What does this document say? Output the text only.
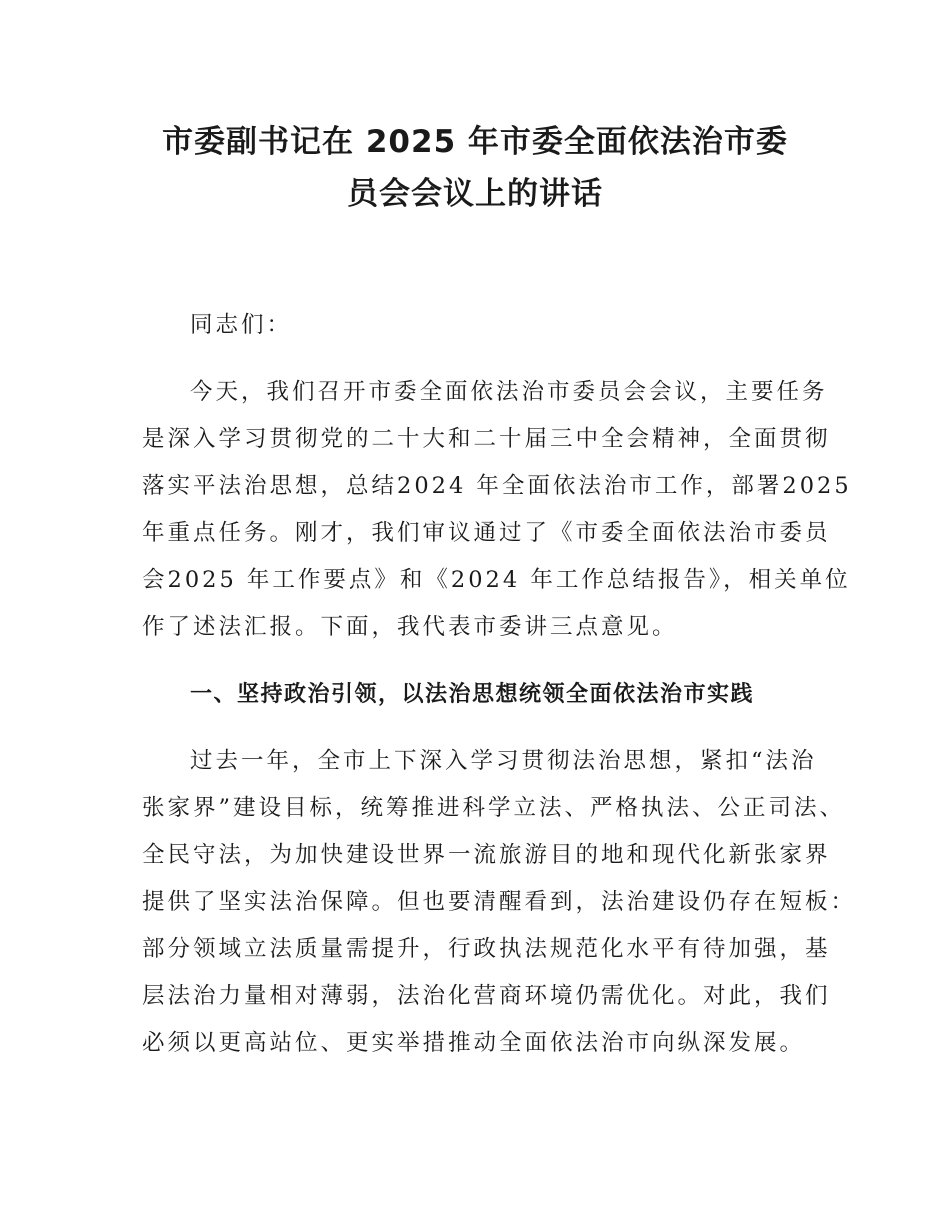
市委副书记在 2025 年市委全面依法治市委
员会会议上的讲话
同志们：
今天，我们召开市委全面依法治市委员会会议，主要任务
是深入学习贯彻党的二十大和二十届三中全会精神，全面贯彻
落实平法治思想，总结2024 年全面依法治市工作，部署2025
年重点任务。刚才，我们审议通过了《市委全面依法治市委员
会2025 年工作要点》和《2024 年工作总结报告》，相关单位
作了述法汇报。下面，我代表市委讲三点意见。
一、坚持政治引领，以法治思想统领全面依法治市实践
过去一年，全市上下深入学习贯彻法治思想，紧扣“法治
张家界”建设目标，统筹推进科学立法、严格执法、公正司法、
全民守法，为加快建设世界一流旅游目的地和现代化新张家界
提供了坚实法治保障。但也要清醒看到，法治建设仍存在短板：
部分领域立法质量需提升，行政执法规范化水平有待加强，基
层法治力量相对薄弱，法治化营商环境仍需优化。对此，我们
必须以更高站位、更实举措推动全面依法治市向纵深发展。
